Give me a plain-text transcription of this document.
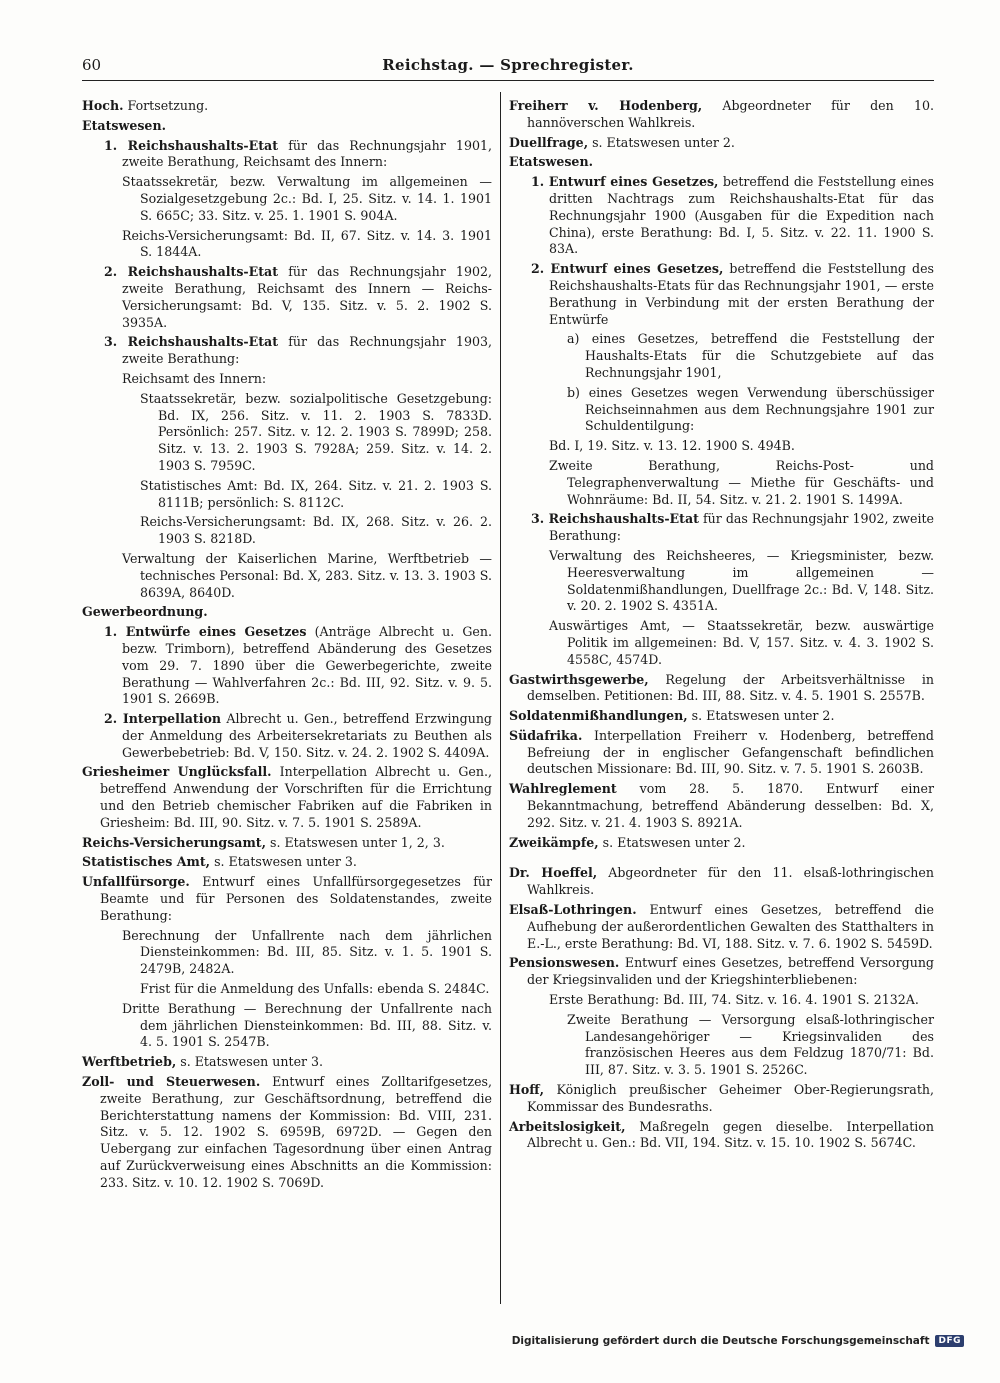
60	Reichstag. — Sprechregister.

Hoch. Fortsetzung.

Etatswesen.

1. Reichshaushalts-Etat für das Rechnungsjahr 1901, zweite Berathung, Reichsamt des Innern:

Staatssekretär, bezw. Verwaltung im allgemeinen — Sozialgesetzgebung 2c.: Bd. I, 25. Sitz. v. 14. 1. 1901 S. 665C; 33. Sitz. v. 25. 1. 1901 S. 904A.

Reichs-Versicherungsamt: Bd. II, 67. Sitz. v. 14. 3. 1901 S. 1844A.

2. Reichshaushalts-Etat für das Rechnungsjahr 1902, zweite Berathung, Reichsamt des Innern — Reichs-Versicherungsamt: Bd. V, 135. Sitz. v. 5. 2. 1902 S. 3935A.

3. Reichshaushalts-Etat für das Rechnungsjahr 1903, zweite Berathung:

Reichsamt des Innern:

Staatssekretär, bezw. sozialpolitische Gesetzgebung: Bd. IX, 256. Sitz. v. 11. 2. 1903 S. 7833D. Persönlich: 257. Sitz. v. 12. 2. 1903 S. 7899D; 258. Sitz. v. 13. 2. 1903 S. 7928A; 259. Sitz. v. 14. 2. 1903 S. 7959C.

Statistisches Amt: Bd. IX, 264. Sitz. v. 21. 2. 1903 S. 8111B; persönlich: S. 8112C.

Reichs-Versicherungsamt: Bd. IX, 268. Sitz. v. 26. 2. 1903 S. 8218D.

Verwaltung der Kaiserlichen Marine, Werftbetrieb — technisches Personal: Bd. X, 283. Sitz. v. 13. 3. 1903 S. 8639A, 8640D.

Gewerbeordnung.

1. Entwürfe eines Gesetzes (Anträge Albrecht u. Gen. bezw. Trimborn), betreffend Abänderung des Gesetzes vom 29. 7. 1890 über die Gewerbegerichte, zweite Berathung — Wahlverfahren 2c.: Bd. III, 92. Sitz. v. 9. 5. 1901 S. 2669B.

2. Interpellation Albrecht u. Gen., betreffend Erzwingung der Anmeldung des Arbeitersekretariats zu Beuthen als Gewerbebetrieb: Bd. V, 150. Sitz. v. 24. 2. 1902 S. 4409A.

Griesheimer Unglücksfall. Interpellation Albrecht u. Gen., betreffend Anwendung der Vorschriften für die Errichtung und den Betrieb chemischer Fabriken auf die Fabriken in Griesheim: Bd. III, 90. Sitz. v. 7. 5. 1901 S. 2589A.

Reichs-Versicherungsamt, s. Etatswesen unter 1, 2, 3.

Statistisches Amt, s. Etatswesen unter 3.

Unfallfürsorge. Entwurf eines Unfallfürsorgegesetzes für Beamte und für Personen des Soldatenstandes, zweite Berathung:

Berechnung der Unfallrente nach dem jährlichen Diensteinkommen: Bd. III, 85. Sitz. v. 1. 5. 1901 S. 2479B, 2482A.

Frist für die Anmeldung des Unfalls: ebenda S. 2484C.

Dritte Berathung — Berechnung der Unfallrente nach dem jährlichen Diensteinkommen: Bd. III, 88. Sitz. v. 4. 5. 1901 S. 2547B.

Werftbetrieb, s. Etatswesen unter 3.

Zoll- und Steuerwesen. Entwurf eines Zolltarifgesetzes, zweite Berathung, zur Geschäftsordnung, betreffend die Berichterstattung namens der Kommission: Bd. VIII, 231. Sitz. v. 5. 12. 1902 S. 6959B, 6972D. — Gegen den Uebergang zur einfachen Tagesordnung über einen Antrag auf Zurückverweisung eines Abschnitts an die Kommission: 233. Sitz. v. 10. 12. 1902 S. 7069D.

Freiherr v. Hodenberg, Abgeordneter für den 10. hannöverschen Wahlkreis.

Duellfrage, s. Etatswesen unter 2.

Etatswesen.

1. Entwurf eines Gesetzes, betreffend die Feststellung eines dritten Nachtrags zum Reichshaushalts-Etat für das Rechnungsjahr 1900 (Ausgaben für die Expedition nach China), erste Berathung: Bd. I, 5. Sitz. v. 22. 11. 1900 S. 83A.

2. Entwurf eines Gesetzes, betreffend die Feststellung des Reichshaushalts-Etats für das Rechnungsjahr 1901, — erste Berathung in Verbindung mit der ersten Berathung der Entwürfe

a) eines Gesetzes, betreffend die Feststellung der Haushalts-Etats für die Schutzgebiete auf das Rechnungsjahr 1901,

b) eines Gesetzes wegen Verwendung überschüssiger Reichseinnahmen aus dem Rechnungsjahre 1901 zur Schuldentilgung:

Bd. I, 19. Sitz. v. 13. 12. 1900 S. 494B.

Zweite Berathung, Reichs-Post- und Telegraphenverwaltung — Miethe für Geschäfts- und Wohnräume: Bd. II, 54. Sitz. v. 21. 2. 1901 S. 1499A.

3. Reichshaushalts-Etat für das Rechnungsjahr 1902, zweite Berathung:

Verwaltung des Reichsheeres, — Kriegsminister, bezw. Heeresverwaltung im allgemeinen — Soldatenmißhandlungen, Duellfrage 2c.: Bd. V, 148. Sitz. v. 20. 2. 1902 S. 4351A.

Auswärtiges Amt, — Staatssekretär, bezw. auswärtige Politik im allgemeinen: Bd. V, 157. Sitz. v. 4. 3. 1902 S. 4558C, 4574D.

Gastwirthsgewerbe, Regelung der Arbeitsverhältnisse in demselben. Petitionen: Bd. III, 88. Sitz. v. 4. 5. 1901 S. 2557B.

Soldatenmißhandlungen, s. Etatswesen unter 2.

Südafrika. Interpellation Freiherr v. Hodenberg, betreffend Befreiung der in englischer Gefangenschaft befindlichen deutschen Missionare: Bd. III, 90. Sitz. v. 7. 5. 1901 S. 2603B.

Wahlreglement vom 28. 5. 1870. Entwurf einer Bekanntmachung, betreffend Abänderung desselben: Bd. X, 292. Sitz. v. 21. 4. 1903 S. 8921A.

Zweikämpfe, s. Etatswesen unter 2.

Dr. Hoeffel, Abgeordneter für den 11. elsaß-lothringischen Wahlkreis.

Elsaß-Lothringen. Entwurf eines Gesetzes, betreffend die Aufhebung der außerordentlichen Gewalten des Statthalters in E.-L., erste Berathung: Bd. VI, 188. Sitz. v. 7. 6. 1902 S. 5459D.

Pensionswesen. Entwurf eines Gesetzes, betreffend Versorgung der Kriegsinvaliden und der Kriegshinterbliebenen:

Erste Berathung: Bd. III, 74. Sitz. v. 16. 4. 1901 S. 2132A.

Zweite Berathung — Versorgung elsaß-lothringischer Landesangehöriger — Kriegsinvaliden des französischen Heeres aus dem Feldzug 1870/71: Bd. III, 87. Sitz. v. 3. 5. 1901 S. 2526C.

Hoff, Königlich preußischer Geheimer Ober-Regierungsrath, Kommissar des Bundesraths.

Arbeitslosigkeit, Maßregeln gegen dieselbe. Interpellation Albrecht u. Gen.: Bd. VII, 194. Sitz. v. 15. 10. 1902 S. 5674C.

Digitalisierung gefördert durch die Deutsche Forschungsgemeinschaft	DFG
